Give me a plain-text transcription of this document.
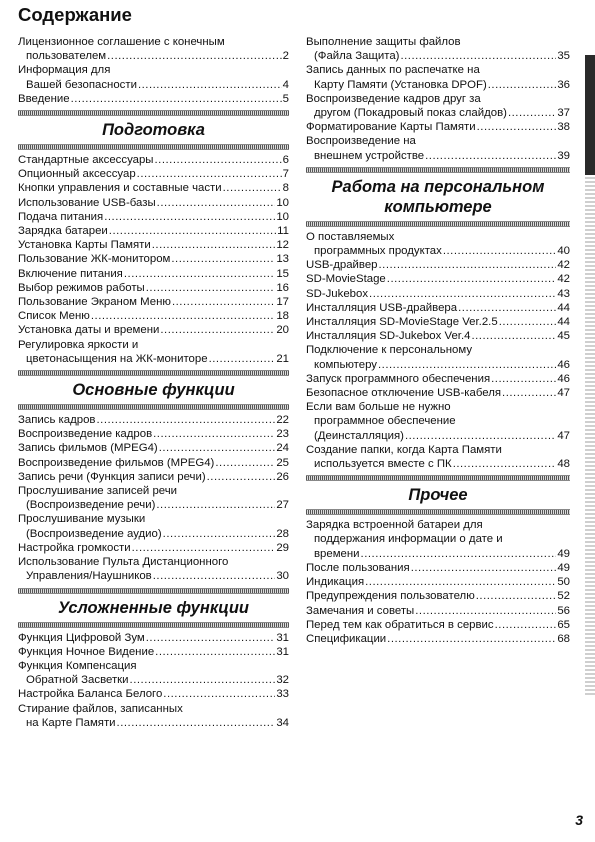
Содержание
Лицензионное соглашение с конечным
пользователем .....	2
Информация для
Вашей безопасности .....	4
Введение .....	5
Подготовка
Стандартные аксессуары .....	6
Опционный аксессуар .....	7
Кнопки управления и составные части .....	8
Использование USB-базы .....	10
Подача питания .....	10
Зарядка батареи .....	11
Установка Карты Памяти .....	12
Пользование ЖК-монитором .....	13
Включение питания .....	15
Выбор режимов работы .....	16
Пользование Экраном Меню .....	17
Список Меню .....	18
Установка даты и времени .....	20
Регулировка яркости и
цветонасыщения на ЖК-мониторе .....	21
Основные функции
Запись кадров .....	22
Воспроизведение кадров .....	23
Запись фильмов (MPEG4) .....	24
Воспроизведение фильмов (MPEG4) .....	25
Запись речи (Функция записи речи) .....	26
Прослушивание записей речи
(Воспроизведение речи) .....	27
Прослушивание музыки
(Воспроизведение аудио) .....	28
Настройка громкости .....	29
Использование Пульта Дистанционного
Управления/Наушников .....	30
Усложненные функции
Функция Цифровой Зум .....	31
Функция Ночное Видение .....	31
Функция Компенсация
Обратной Засветки .....	32
Настройка Баланса Белого .....	33
Стирание файлов, записанных
на Карте Памяти .....	34
Выполнение защиты файлов
(Файла Защита) .....	35
Запись данных по распечатке на
Карту Памяти (Установка DPOF) .....	36
Воспроизведение кадров друг за
другом (Покадровый показ слайдов) .....	37
Форматирование Карты Памяти .....	38
Воспроизведение на
внешнем устройстве .....	39
Работа на персональном
компьютере
О поставляемых
программных продуктах .....	40
USB-драйвер .....	42
SD-MovieStage .....	42
SD-Jukebox .....	43
Инсталляция USB-драйвера .....	44
Инсталляция SD-MovieStage Ver.2.5 .....	44
Инсталляция SD-Jukebox Ver.4 .....	45
Подключение к персональному
компьютеру .....	46
Запуск программного обеспечения .....	46
Безопасное отключение USB-кабеля .....	47
Если вам больше не нужно
программное обеспечение
(Деинсталляция) .....	47
Создание папки, когда Карта Памяти
используется вместе с ПК .....	48
Прочее
Зарядка встроенной батареи для
поддержания информации о дате и
времени .....	49
После пользования .....	49
Индикация .....	50
Предупреждения пользователю .....	52
Замечания и советы .....	56
Перед тем как обратиться в сервис .....	65
Спецификации .....	68
3
